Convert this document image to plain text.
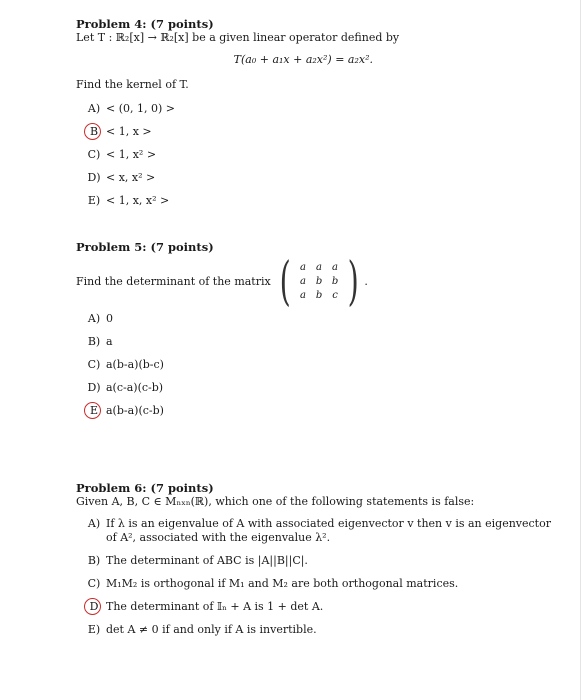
Problem 4: (7 points)
Let T : ℝ₂[x] → ℝ₂[x] be a given linear operator defined by
T(a₀ + a₁x + a₂x²) = a₂x².
Find the kernel of T.
A) < (0, 1, 0) >
B < 1, x >
C) < 1, x² >
D) < x, x² >
E) < 1, x, x² >
Problem 5: (7 points)
Find the determinant of the matrix ( a	a	a
a b b
a b c ) .
A) 0
B) a
C) a(b-a)(b-c)
D) a(c-a)(c-b)
E a(b-a)(c-b)
Problem 6: (7 points)
Given A, B, C ∈ Mₙₓₙ(ℝ), which one of the following statements is false:
A) If λ is an eigenvalue of A with associated eigenvector v then v is an eigenvector of A², associated with the eigenvalue λ².
B) The determinant of ABC is |A||B||C|.
C) M₁M₂ is orthogonal if M₁ and M₂ are both orthogonal matrices.
D The determinant of 𝕀ₙ + A is 1 + det A.
E) det A ≠ 0 if and only if A is invertible.
